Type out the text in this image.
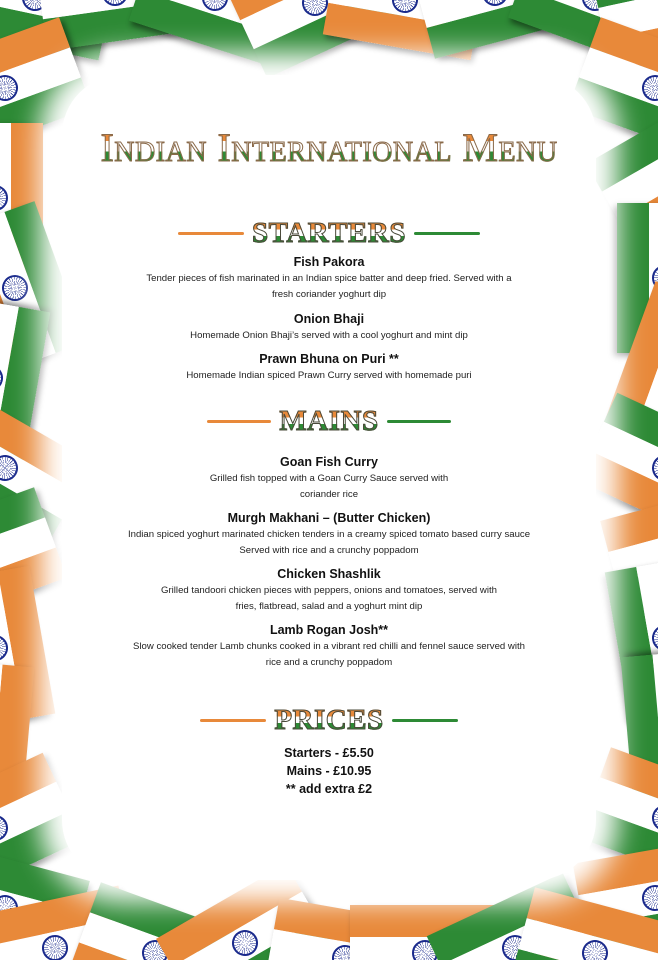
Indian International Menu
STARTERS
Fish Pakora
Tender pieces of fish marinated in an Indian spice batter and deep fried. Served with a
fresh coriander yoghurt dip
Onion Bhaji
Homemade Onion Bhaji’s served with a cool yoghurt and mint dip
Prawn Bhuna on Puri **
Homemade Indian spiced Prawn Curry served with homemade puri
MAINS
Goan Fish Curry
Grilled fish topped with a Goan Curry Sauce served with
coriander rice
Murgh Makhani – (Butter Chicken)
Indian spiced yoghurt marinated chicken tenders in a creamy spiced tomato based curry sauce
Served with rice and a crunchy poppadom
Chicken Shashlik
Grilled tandoori chicken pieces with peppers, onions and tomatoes, served with
fries, flatbread, salad and a yoghurt mint dip
Lamb Rogan Josh**
Slow cooked tender Lamb chunks cooked in a vibrant red chilli and fennel sauce served with
rice and a crunchy poppadom
PRICES
Starters - £5.50
Mains - £10.95
** add extra £2
